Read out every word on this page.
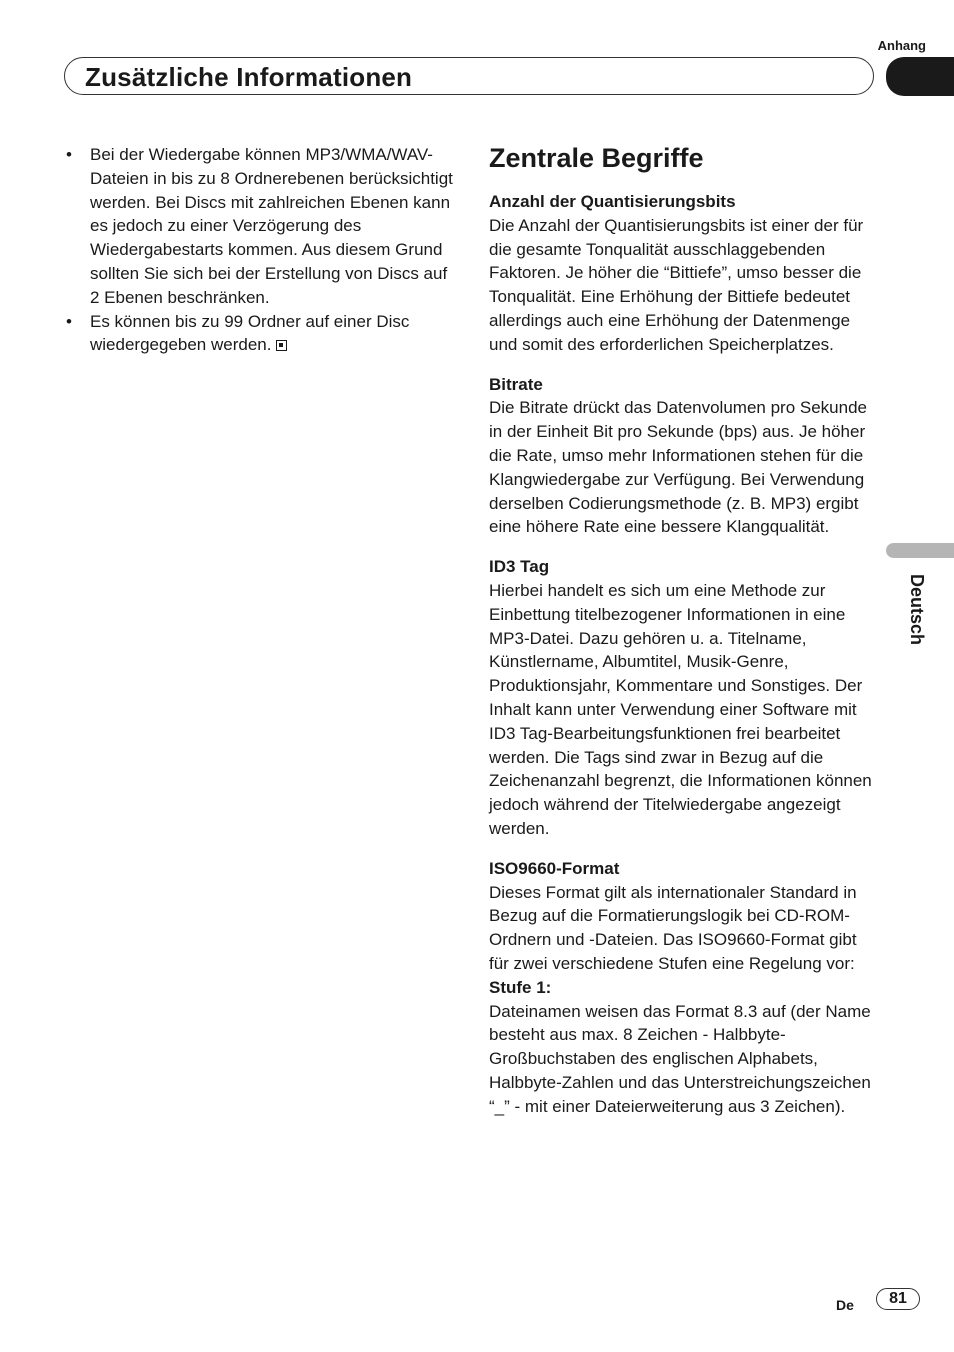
Anhang
Zusätzliche Informationen
Deutsch

• Bei der Wiedergabe können MP3/WMA/WAV-Dateien in bis zu 8 Ordnerebenen berücksichtigt werden. Bei Discs mit zahlreichen Ebenen kann es jedoch zu einer Verzögerung des Wiedergabestarts kommen. Aus diesem Grund sollten Sie sich bei der Erstellung von Discs auf 2 Ebenen beschränken.

• Es können bis zu 99 Ordner auf einer Disc wiedergegeben werden.

Zentrale Begriffe
Anzahl der Quantisierungsbits
Die Anzahl der Quantisierungsbits ist einer der für die gesamte Tonqualität ausschlaggebenden Faktoren. Je höher die “Bittiefe”, umso besser die Tonqualität. Eine Erhöhung der Bittiefe bedeutet allerdings auch eine Erhöhung der Datenmenge und somit des erforderlichen Speicherplatzes.
Bitrate
Die Bitrate drückt das Datenvolumen pro Sekunde in der Einheit Bit pro Sekunde (bps) aus. Je höher die Rate, umso mehr Informationen stehen für die Klangwiedergabe zur Verfügung. Bei Verwendung derselben Codierungsmethode (z. B. MP3) ergibt eine höhere Rate eine bessere Klangqualität.
ID3 Tag
Hierbei handelt es sich um eine Methode zur Einbettung titelbezogener Informationen in eine MP3-Datei. Dazu gehören u. a. Titelname, Künstlername, Albumtitel, Musik-Genre, Produktionsjahr, Kommentare und Sonstiges. Der Inhalt kann unter Verwendung einer Software mit ID3 Tag-Bearbeitungsfunktionen frei bearbeitet werden. Die Tags sind zwar in Bezug auf die Zeichenanzahl begrenzt, die Informationen können jedoch während der Titelwiedergabe angezeigt werden.
ISO9660-Format
Dieses Format gilt als internationaler Standard in Bezug auf die Formatierungslogik bei CD-ROM-Ordnern und -Dateien. Das ISO9660-Format gibt für zwei verschiedene Stufen eine Regelung vor:
Stufe 1:
Dateinamen weisen das Format 8.3 auf (der Name besteht aus max. 8 Zeichen - Halbbyte-Großbuchstaben des englischen Alphabets, Halbbyte-Zahlen und das Unterstreichungszeichen “_” - mit einer Dateierweiterung aus 3 Zeichen).
De	81
